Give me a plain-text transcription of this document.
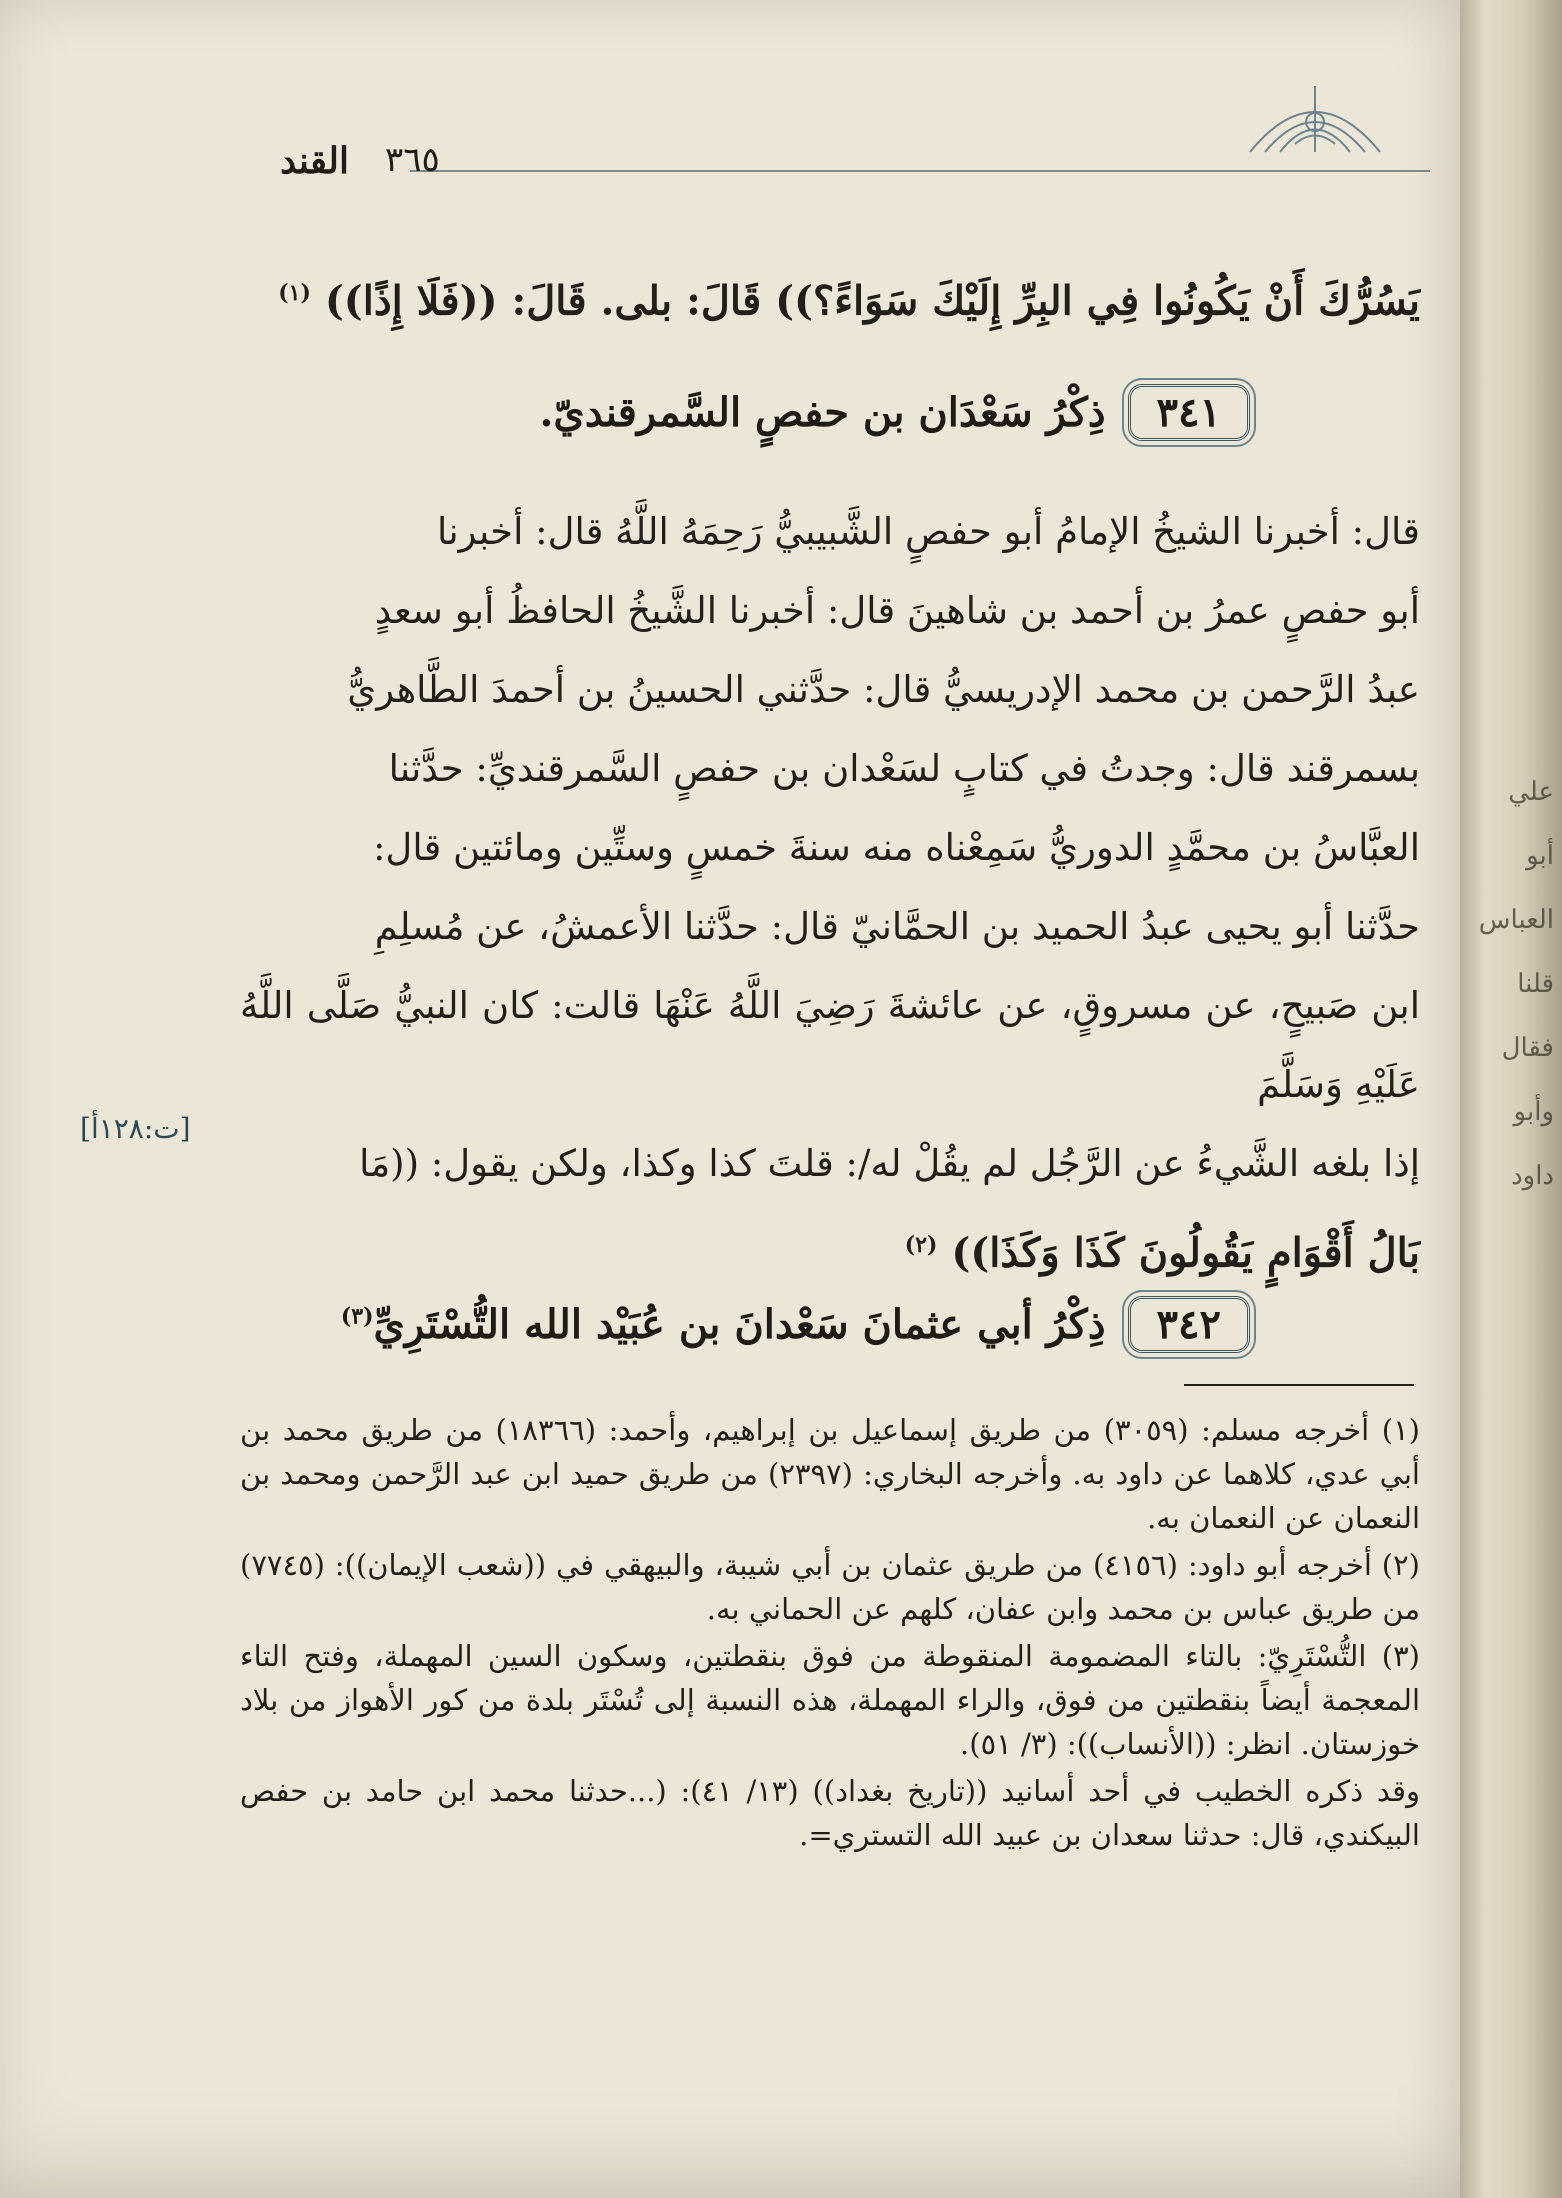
القند ٣٦٥

يَسُرُّكَ أَنْ يَكُونُوا فِي البِرِّ إِلَيْكَ سَوَاءً؟)) قَالَ: بلى. قَالَ: ((فَلَا إِذًا)) $^{(١)}$

٣٤١
ذِكْرُ سَعْدَان بن حفصٍ السَّمرقنديّ.

قال: أخبرنا الشيخُ الإمامُ أبو حفصٍ الشَّبيبيُّ رَحِمَهُ اللَّهُ قال: أخبرنا

أبو حفصٍ عمرُ بن أحمد بن شاهينَ قال: أخبرنا الشَّيخُ الحافظُ أبو سعدٍ

عبدُ الرَّحمن بن محمد الإدريسيُّ قال: حدَّثني الحسينُ بن أحمدَ الطَّاهريُّ

بسمرقند قال: وجدتُ في كتابٍ لسَعْدان بن حفصٍ السَّمرقنديِّ: حدَّثنا

العبَّاسُ بن محمَّدٍ الدوريُّ سَمِعْناه منه سنةَ خمسٍ وستِّين ومائتين قال:

حدَّثنا أبو يحيى عبدُ الحميد بن الحمَّانيّ قال: حدَّثنا الأعمشُ، عن مُسلِمِ

ابن صَبيحٍ، عن مسروقٍ، عن عائشةَ رَضِيَ اللَّهُ عَنْهَا قالت: كان النبيُّ صَلَّى اللَّهُ عَلَيْهِ وَسَلَّمَ

إذا بلغه الشَّيءُ عن الرَّجُل لم يقُلْ له/: قلتَ كذا وكذا، ولكن يقول: ((مَا

بَالُ أَقْوَامٍ يَقُولُونَ كَذَا وَكَذَا)) $^{(٢)}$

[ت:١٢٨أ]
٣٤٢
ذِكْرُ أبي عثمانَ سَعْدانَ بن عُبَيْد الله التُّسْتَرِيِّ$^{(٣)}$

(١) أخرجه مسلم: (٣٠٥٩) من طريق إسماعيل بن إبراهيم، وأحمد: (١٨٣٦٦) من طريق محمد بن أبي عدي، كلاهما عن داود به. وأخرجه البخاري: (٢٣٩٧) من طريق حميد ابن عبد الرَّحمن ومحمد بن النعمان عن النعمان به.

(٢) أخرجه أبو داود: (٤١٥٦) من طريق عثمان بن أبي شيبة، والبيهقي في ((شعب الإيمان)): (٧٧٤٥) من طريق عباس بن محمد وابن عفان، كلهم عن الحماني به.

(٣) التُّسْتَرِيّ: بالتاء المضمومة المنقوطة من فوق بنقطتين، وسكون السين المهملة، وفتح التاء المعجمة أيضاً بنقطتين من فوق، والراء المهملة، هذه النسبة إلى تُسْتَر بلدة من كور الأهواز من بلاد خوزستان. انظر: ((الأنساب)): (٣/ ٥١).

وقد ذكره الخطيب في أحد أسانيد ((تاريخ بغداد)) (١٣/ ٤١): (...حدثنا محمد ابن حامد بن حفص البيكندي، قال: حدثنا سعدان بن عبيد الله التستري=.

علي
أبو العباس
قلنا
فقال
وأبو داود
